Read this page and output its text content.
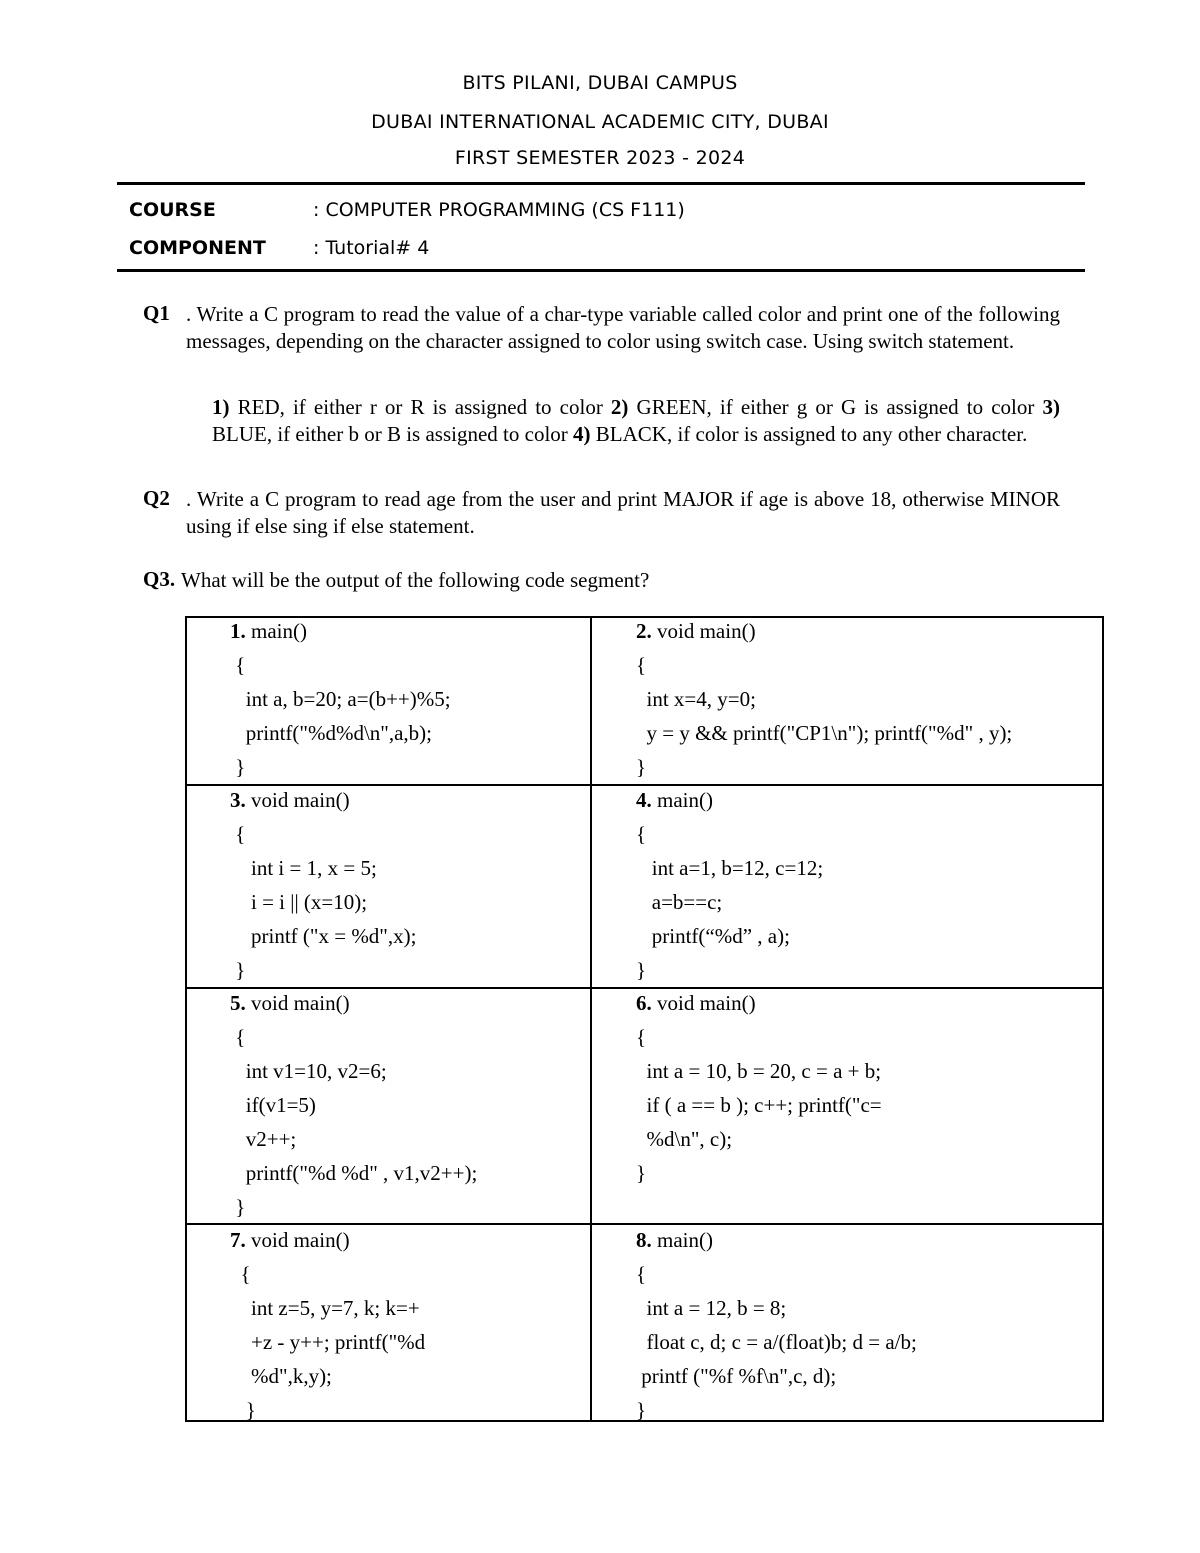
BITS PILANI, DUBAI CAMPUS
DUBAI INTERNATIONAL ACADEMIC CITY, DUBAI
FIRST SEMESTER 2023 - 2024
COURSE	: COMPUTER PROGRAMMING (CS F111)
COMPONENT : Tutorial# 4
Q1 . Write a C program to read the value of a char-type variable called color and print one of the following messages, depending on the character assigned to color using switch case. Using switch statement.
1) RED, if either r or R is assigned to color 2) GREEN, if either g or G is assigned to color 3) BLUE, if either b or B is assigned to color 4) BLACK, if color is assigned to any other character.
Q2 . Write a C program to read age from the user and print MAJOR if age is above 18, otherwise MINOR using if else sing if else statement.
Q3. What will be the output of the following code segment?
1. main()
{
int a, b=20; a=(b++)%5;
printf("%d%d\n",a,b);
}
2. void main()
{
int x=4, y=0;
y = y && printf("CP1\n"); printf("%d" , y);
}
3. void main()
{
int i = 1, x = 5;
i = i || (x=10);
printf ("x = %d",x);
}
4. main()
{
int a=1, b=12, c=12;
a=b==c;
printf(“%d” , a);
}
5. void main()
{
int v1=10, v2=6;
if(v1=5)
v2++;
printf("%d %d" , v1,v2++);
}
6. void main()
{
int a = 10, b = 20, c = a + b;
if ( a == b ); c++; printf("c=
%d\n", c);
}
7. void main()
{
int z=5, y=7, k; k=+
+z - y++; printf("%d
%d",k,y);
}
8. main()
{
int a = 12, b = 8;
float c, d; c = a/(float)b; d = a/b;
printf ("%f %f\n",c, d);
}
